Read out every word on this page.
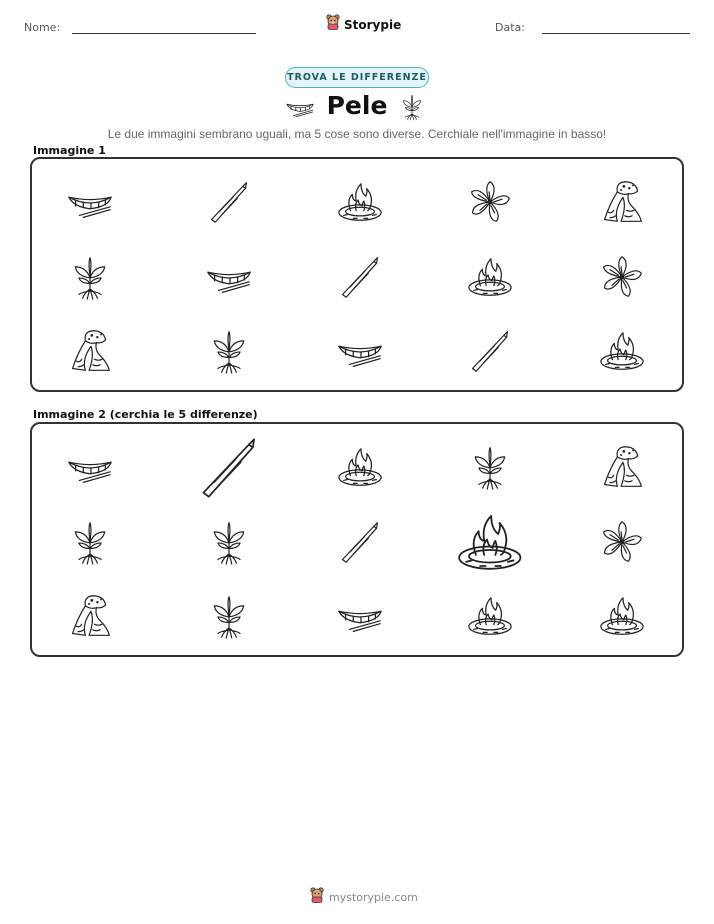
Nome:	Storypie	Data:
TROVA LE DIFFERENZE
Pele
Le due immagini sembrano uguali, ma 5 cose sono diverse. Cerchiale nell'immagine in basso!
Immagine 1
Immagine 2 (cerchia le 5 differenze)
mystorypie.com
